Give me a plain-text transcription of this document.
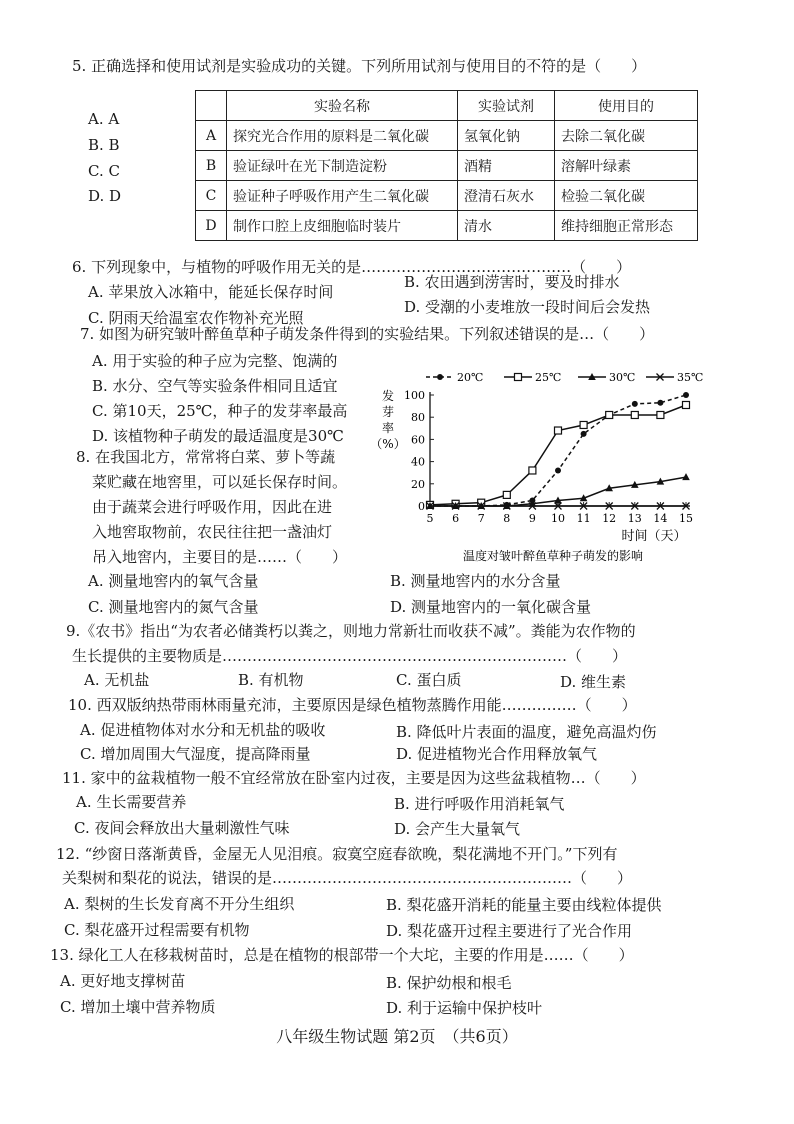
5. 正确选择和使用试剂是实验成功的关键。下列所用试剂与使用目的不符的是（　　）
A. A
B. B
C. C
D. D
	实验名称	实验试剂	使用目的
A	探究光合作用的原料是二氧化碳	氢氧化钠	去除二氧化碳
B	验证绿叶在光下制造淀粉	酒精	溶解叶绿素
C	验证种子呼吸作用产生二氧化碳	澄清石灰水	检验二氧化碳
D	制作口腔上皮细胞临时装片	清水	维持细胞正常形态
6. 下列现象中，与植物的呼吸作用无关的是……………………………………（　　）
A. 苹果放入冰箱中，能延长保存时间
B. 农田遇到涝害时，要及时排水
C. 阴雨天给温室农作物补充光照
D. 受潮的小麦堆放一段时间后会发热
7. 如图为研究皱叶醉鱼草种子萌发条件得到的实验结果。下列叙述错误的是…（　　）
A. 用于实验的种子应为完整、饱满的
B. 水分、空气等实验条件相同且适宜
C. 第10天，25℃，种子的发芽率最高
D. 该植物种子萌发的最适温度是30℃
20℃	25℃	30℃	35℃
0
20
40
60
80
100
5 6 7 8 9 10 11 12 13 14 15
时间（天）
温度对皱叶醉鱼草种子萌发的影响
发芽率（%）
8. 在我国北方，常常将白菜、萝卜等蔬
菜贮藏在地窖里，可以延长保存时间。
由于蔬菜会进行呼吸作用，因此在进
入地窖取物前，农民往往把一盏油灯
吊入地窖内，主要目的是……（　　）
A. 测量地窖内的氧气含量	B. 测量地窖内的水分含量
C. 测量地窖内的氮气含量	D. 测量地窖内的一氧化碳含量
9.《农书》指出“为农者必储粪朽以粪之，则地力常新壮而收获不减”。粪能为农作物的
生长提供的主要物质是……………………………………………………………（　　）
A. 无机盐	B. 有机物	C. 蛋白质	D. 维生素
10. 西双版纳热带雨林雨量充沛，主要原因是绿色植物蒸腾作用能……………（　　）
A. 促进植物体对水分和无机盐的吸收	B. 降低叶片表面的温度，避免高温灼伤
C. 增加周围大气湿度，提高降雨量	D. 促进植物光合作用释放氧气
11. 家中的盆栽植物一般不宜经常放在卧室内过夜，主要是因为这些盆栽植物…（　　）
A. 生长需要营养	B. 进行呼吸作用消耗氧气
C. 夜间会释放出大量刺激性气味	D. 会产生大量氧气
12. “纱窗日落渐黄昏，金屋无人见泪痕。寂寞空庭春欲晚，梨花满地不开门。”下列有
关梨树和梨花的说法，错误的是……………………………………………………（　　）
A. 梨树的生长发育离不开分生组织	B. 梨花盛开消耗的能量主要由线粒体提供
C. 梨花盛开过程需要有机物	D. 梨花盛开过程主要进行了光合作用
13. 绿化工人在移栽树苗时，总是在植物的根部带一个大坨，主要的作用是……（　　）
A. 更好地支撑树苗	B. 保护幼根和根毛
C. 增加土壤中营养物质	D. 利于运输中保护枝叶
八年级生物试题 第2页　（共6页）
